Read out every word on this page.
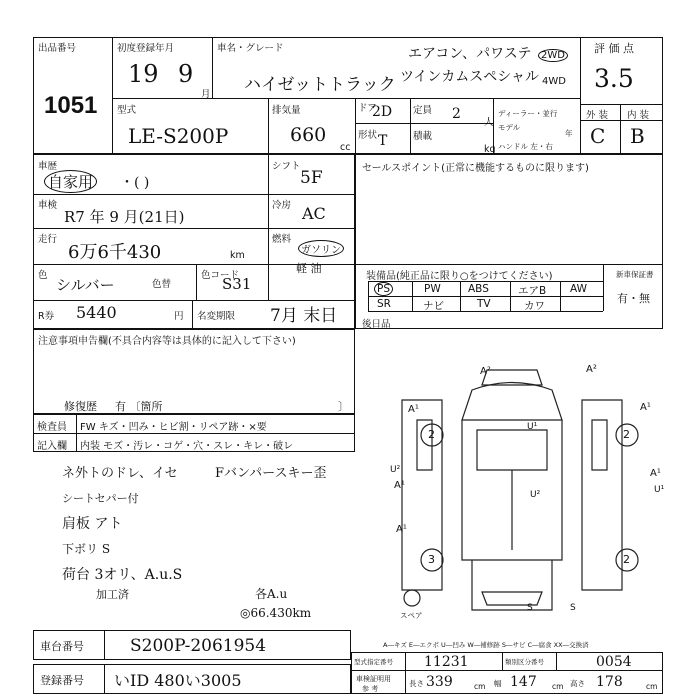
出品番号
1051
初度登録年月
19 9
月
車名・グレード
ハイゼットトラック
エアコン、パワステ
ツインカムスペシャル
2WD
4WD
評 価 点
3.5
型式
LE-S200P
排気量
660
cc
ドア
2D
形状 T
定員 2
人
積載
kg
ディーラー・並行
モデル
年
ハンドル 左・右
外 装 内 装
C B
車歴
自家用 ・( )
シフト
5F
車検
R7 年 9 月(21日)
冷房 AC
走行
6万6千430	km
燃料
ガソリン
軽 油
色
シルバー	色替
色コード
S31
R券 5440	円 名変期限 7月 末日
セールスポイント(正常に機能するものに限ります)
装備品(純正品に限り○をつけてください)	新車保証書
PS	PW	ABS	エアB AW
SR	ナビ	TV	カワ
有・無
後日品
注意事項申告欄(不具合内容等は具体的に記入して下さい)
修復歴 有 〔箇所	〕
検査員 FW キズ・凹み・ヒビ割・リペア跡・×要
記入欄 内装 モズ・汚レ・コゲ・穴・スレ・キレ・破レ
ネ外トのドレ、イセ
シートセパー付
肩板 アト
下ボリ S
荷台 3オリ、A.u.S
加工済
Fバンパースキー歪
各A.u
◎66.430km
A²	A²
A¹	A¹
U¹
U²
A¹	U¹
A¹
A¹
U²
S	S
2	2
3	2
スペア
A―キズ E―エクボ U―凹み W―補修跡 S―サビ C―腐食 XX―交換済
車台番号	S200P-2061954
登録番号 いID 480い3005
型式指定番号 11231	類別区分番号	0054
車検証明用
参 考
長さ 339	cm 幅 147 cm 高さ 178	cm
